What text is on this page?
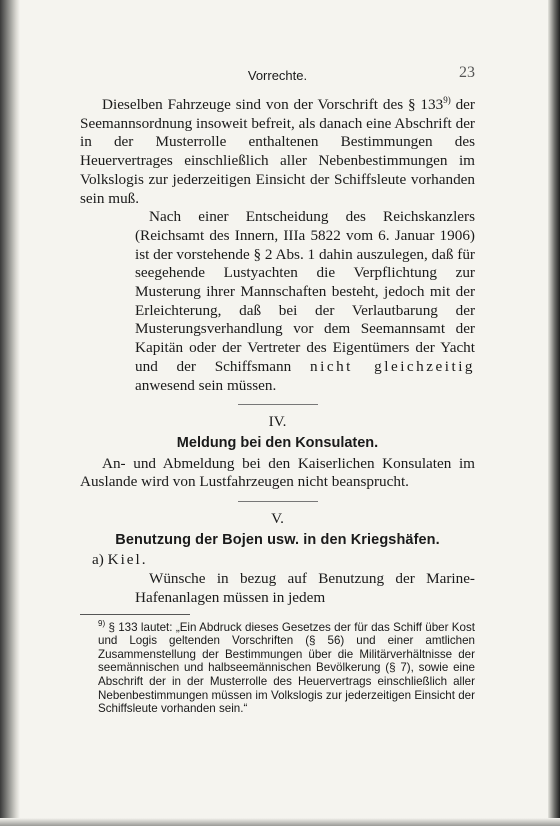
Vorrechte.	23

Dieselben Fahrzeuge sind von der Vorschrift des § 133$^{9)}$ der Seemannsordnung insoweit befreit, als danach eine Abschrift der in der Musterrolle enthaltenen Bestimmungen des Heuervertrages einschließlich aller Nebenbestimmungen im Volkslogis zur jederzeitigen Einsicht der Schiffsleute vorhanden sein muß.

Nach einer Entscheidung des Reichskanzlers (Reichsamt des Innern, IIIa 5822 vom 6. Januar 1906) ist der vorstehende § 2 Abs. 1 dahin auszulegen, daß für seegehende Lustyachten die Verpflichtung zur Musterung ihrer Mannschaften besteht, jedoch mit der Erleichterung, daß bei der Verlautbarung der Musterungsverhandlung vor dem Seemannsamt der Kapitän oder der Vertreter des Eigentümers der Yacht und der Schiffsmann nicht gleichzeitig anwesend sein müssen.

IV.
Meldung bei den Konsulaten.

An- und Abmeldung bei den Kaiserlichen Konsulaten im Auslande wird von Lustfahrzeugen nicht beansprucht.

V.
Benutzung der Bojen usw. in den Kriegshäfen.
a) Kiel.

Wünsche in bezug auf Benutzung der Marine-Hafenanlagen müssen in jedem

$^{9)}$ § 133 lautet: „Ein Abdruck dieses Gesetzes der für das Schiff über Kost und Logis geltenden Vorschriften (§ 56) und einer amtlichen Zusammenstellung der Bestimmungen über die Militärverhältnisse der seemännischen und halbseemännischen Bevölkerung (§ 7), sowie eine Abschrift der in der Musterrolle des Heuervertrags einschließlich aller Nebenbestimmungen müssen im Volkslogis zur jederzeitigen Einsicht der Schiffsleute vorhanden sein.“
